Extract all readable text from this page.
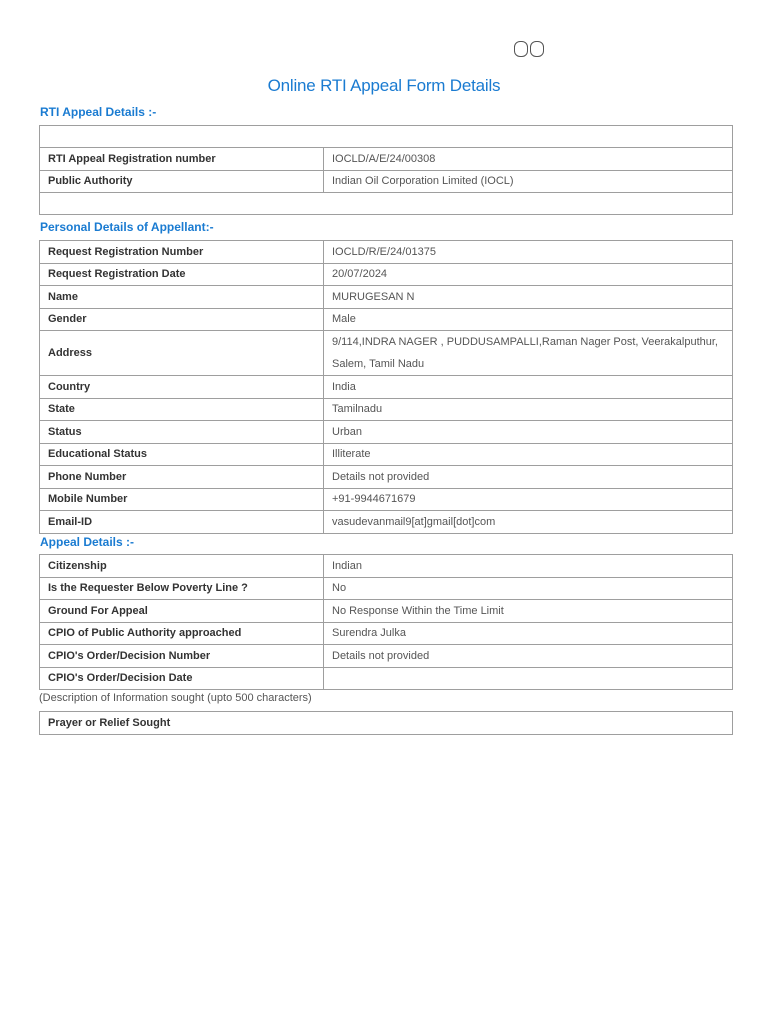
Online RTI Appeal Form Details
RTI Appeal Details :-

RTI Appeal Registration number	IOCLD/A/E/24/00308
Public Authority	Indian Oil Corporation Limited (IOCL)

Personal Details of Appellant:-
Request Registration Number	IOCLD/R/E/24/01375
Request Registration Date	20/07/2024
Name	MURUGESAN N
Gender	Male
Address	9/114,INDRA NAGER , PUDDUSAMPALLI,Raman Nager Post, Veerakalputhur, Salem, Tamil Nadu
Country	India
State	Tamilnadu
Status	Urban
Educational Status	Illiterate
Phone Number	Details not provided
Mobile Number	+91-9944671679
Email-ID	vasudevanmail9[at]gmail[dot]com
Appeal Details :-
Citizenship	Indian
Is the Requester Below Poverty Line ?	No
Ground For Appeal	No Response Within the Time Limit
CPIO of Public Authority approached	Surendra Julka
CPIO's Order/Decision Number	Details not provided
CPIO's Order/Decision Date	
(Description of Information sought (upto 500 characters)
Prayer or Relief Sought	
